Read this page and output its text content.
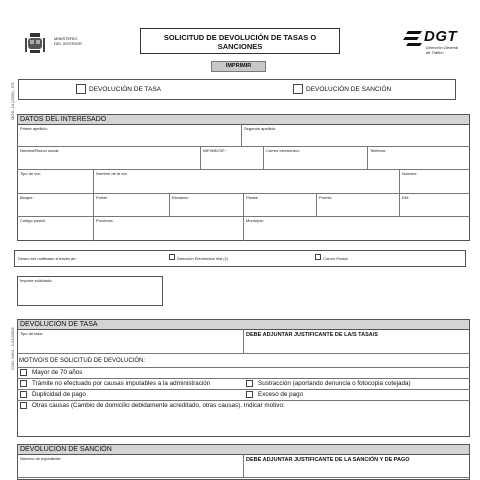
MOD. 10 (2009) - ES
COD: 0464 - 2-0102905
MINISTERIO
DEL INTERIOR
SOLICITUD DE DEVOLUCIÓN DE TASAS O
SANCIONES
DGT
Dirección General
de Tráfico
IMPRIMIR
DEVOLUCIÓN DE TASA	DEVOLUCIÓN DE SANCIÓN
DATOS DEL INTERESADO
Primer apellido:	Segundo apellido:
Nombre/Razón social:	NIF/NIE/CIF:	Correo electrónico:	Teléfono:
Tipo de vía:	Nombre de la vía:	Número:
Bloque:	Portal:	Escalera:	Planta:	Puerta:	KM:
Código postal:	Provincia:	Municipio:
Deseo ser notificado a través de:	Dirección Electrónica Vial (1)	Correo Postal
Importe solicitado:
DEVOLUCIÓN DE TASA
Tipo de tasa:	DEBE ADJUNTAR JUSTIFICANTE DE LA/S TASA/S
MOTIVO/S DE SOLICITUD DE DEVOLUCIÓN:
Mayor de 70 años
Trámite no efectuado por causas imputables a la administración	Sustracción (aportando denuncia o fotocopia cotejada)
Duplicidad de pago	Exceso de pago
Otras causas (Cambio de domicilio debidamente acreditado, otras causas). Indicar motivo:
DEVOLUCIÓN DE SANCIÓN
Número de expediente:	DEBE ADJUNTAR JUSTIFICANTE DE LA SANCIÓN Y DE PAGO
